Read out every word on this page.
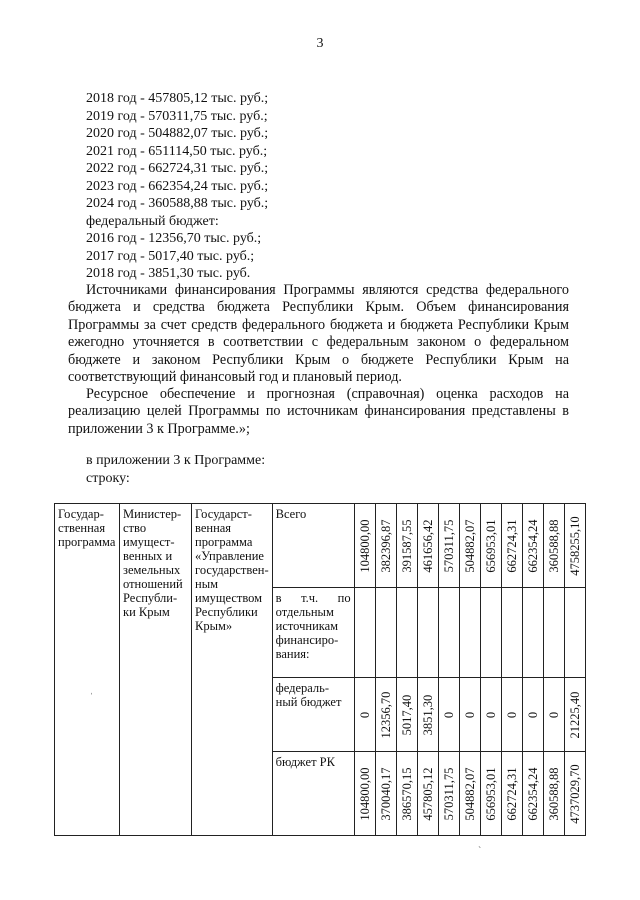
3
2018 год - 457805,12 тыс. руб.;
2019 год - 570311,75 тыс. руб.;
2020 год - 504882,07 тыс. руб.;
2021 год - 651114,50 тыс. руб.;
2022 год - 662724,31 тыс. руб.;
2023 год - 662354,24 тыс. руб.;
2024 год - 360588,88 тыс. руб.;
федеральный бюджет:
2016 год - 12356,70 тыс. руб.;
2017 год - 5017,40 тыс. руб.;
2018 год - 3851,30 тыс. руб.
Источниками финансирования Программы являются средства федерального
бюджета и средства бюджета Республики Крым. Объем финансирования
Программы за счет средств федерального бюджета и бюджета Республики Крым
ежегодно уточняется в соответствии с федеральным законом о федеральном
бюджете и законом Республики Крым о бюджете Республики Крым на
соответствующий финансовый год и плановый период.
Ресурсное обеспечение и прогнозная (справочная) оценка расходов на
реализацию целей Программы по источникам финансирования представлены в
приложении 3 к Программе.»;
в приложении 3 к Программе:
строку:
Государ-ственная программа	Министер-ство имущест-венных и земельных отношений Республи-ки Крым	Государст-венная программа «Управление государствен-ным имуществом Республики Крым»	Всего	104800,00	382396,87	391587,55	461656,42	570311,75	504882,07	656953,01	662724,31	662354,24	360588,88	4758255,10

			в т.ч. по отдельным источникам финансиро-вания:											

			федераль-ный бюджет	0	12356,70	5017,40	3851,30	0	0	0	0	0	0	21225,40

			бюджет РК	104800,00	370040,17	386570,15	457805,12	570311,75	504882,07	656953,01	662724,31	662354,24	360588,88	4737029,70
ˈ
ˋ
